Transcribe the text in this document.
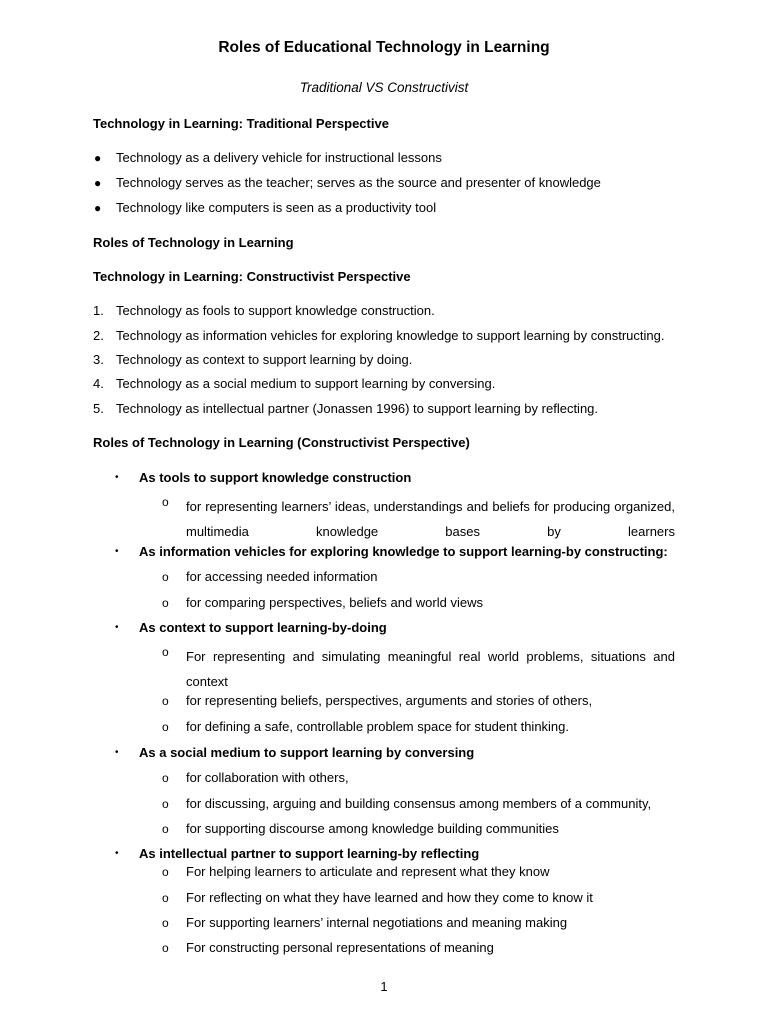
Roles of Educational Technology in Learning
Traditional VS Constructivist
Technology in Learning: Traditional Perspective
● Technology as a delivery vehicle for instructional lessons
● Technology serves as the teacher; serves as the source and presenter of knowledge
● Technology like computers is seen as a productivity tool
Roles of Technology in Learning
Technology in Learning: Constructivist Perspective
1. Technology as fools to support knowledge construction.
2. Technology as information vehicles for exploring knowledge to support learning by constructing.
3. Technology as context to support learning by doing.
4. Technology as a social medium to support learning by conversing.
5. Technology as intellectual partner (Jonassen 1996) to support learning by reflecting.
Roles of Technology in Learning (Constructivist Perspective)
• As tools to support knowledge construction
o for representing learners’ ideas, understandings and beliefs for producing organized, multimedia knowledge bases by learners
• As information vehicles for exploring knowledge to support learning-by constructing:
o for accessing needed information
o for comparing perspectives, beliefs and world views
• As context to support learning-by-doing
o For representing and simulating meaningful real world problems, situations and context
o for representing beliefs, perspectives, arguments and stories of others,
o for defining a safe, controllable problem space for student thinking.
• As a social medium to support learning by conversing
o for collaboration with others,
o for discussing, arguing and building consensus among members of a community,
o for supporting discourse among knowledge building communities
• As intellectual partner to support learning-by reflecting
o For helping learners to articulate and represent what they know
o For reflecting on what they have learned and how they come to know it
o For supporting learners’ internal negotiations and meaning making
o For constructing personal representations of meaning
1
